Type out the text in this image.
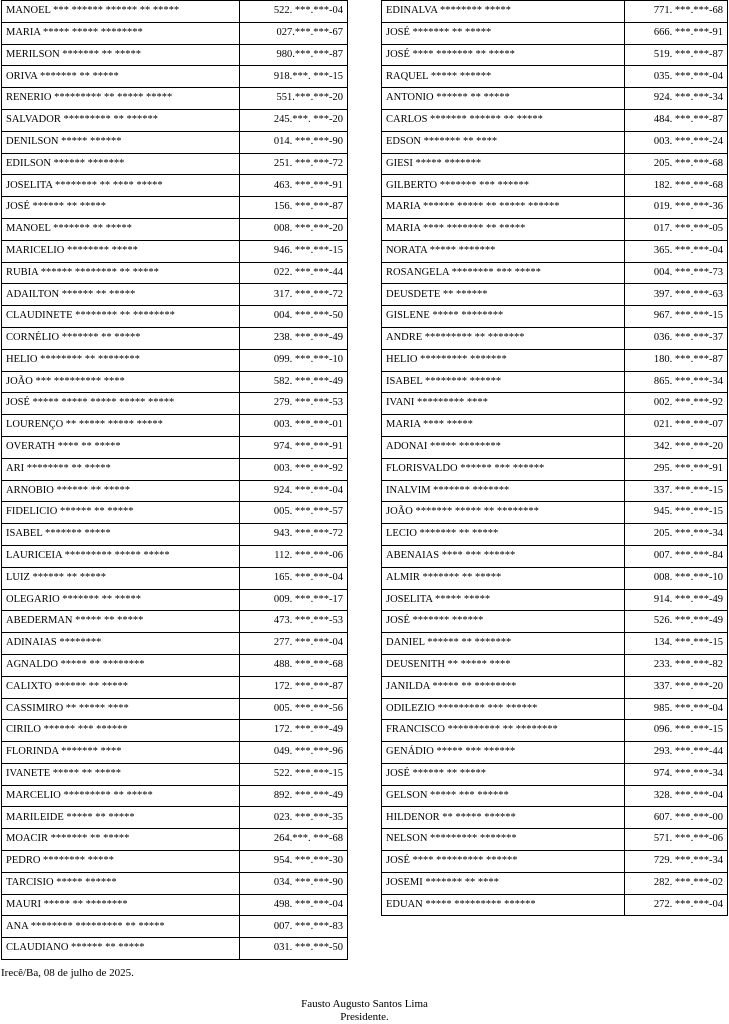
MANOEL *** ****** ****** ** *****	522. ***.***-04
MARIA ***** ***** ********	027.***.***-67
MERILSON ******* ** *****	980.***.***-87
ORIVA ******* ** *****	918.***. ***-15
RENERIO ********* ** ***** *****	551.***.***-20
SALVADOR ********* ** ******	245.***. ***-20
DENILSON ***** ******	014. ***.***-90
EDILSON ****** *******	251. ***.***-72
JOSELITA ******** ** **** *****	463. ***.***-91
JOSÉ ****** ** *****	156. ***.***-87
MANOEL ******* ** *****	008. ***.***-20
MARICELIO ******** *****	946. ***.***-15
RUBIA ****** ******** ** *****	022. ***.***-44
ADAILTON ****** ** *****	317. ***.***-72
CLAUDINETE ******** ** ********	004. ***.***-50
CORNÉLIO ******* ** *****	238. ***.***-49
HELIO ******** ** ********	099. ***.***-10
JOÃO *** ********* ****	582. ***.***-49
JOSÉ ***** ***** ***** ***** *****	279. ***.***-53
LOURENÇO ** ***** ***** *****	003. ***.***-01
OVERATH **** ** *****	974. ***.***-91
ARI ******** ** *****	003. ***.***-92
ARNOBIO ****** ** *****	924. ***.***-04
FIDELICIO ****** ** *****	005. ***.***-57
ISABEL ******* *****	943. ***.***-72
LAURICEIA ********* ***** *****	112. ***.***-06
LUIZ ****** ** *****	165. ***.***-04
OLEGARIO ******* ** *****	009. ***.***-17
ABEDERMAN ***** ** *****	473. ***.***-53
ADINAIAS ********	277. ***.***-04
AGNALDO ***** ** ********	488. ***.***-68
CALIXTO ****** ** *****	172. ***.***-87
CASSIMIRO ** ***** ****	005. ***.***-56
CIRILO ****** *** ******	172. ***.***-49
FLORINDA ******* ****	049. ***.***-96
IVANETE ***** ** *****	522. ***.***-15
MARCELIO ********* ** *****	892. ***.***-49
MARILEIDE ***** ** *****	023. ***.***-35
MOACIR ******* ** *****	264.***. ***-68
PEDRO ******** *****	954. ***.***-30
TARCISIO ***** ******	034. ***.***-90
MAURI ***** ** ********	498. ***.***-04
ANA ******** ********* ** *****	007. ***.***-83
CLAUDIANO ****** ** *****	031. ***.***-50
EDINALVA ******** *****	771. ***.***-68
JOSÉ ******* ** *****	666. ***.***-91
JOSÉ **** ******* ** *****	519. ***.***-87
RAQUEL ***** ******	035. ***.***-04
ANTONIO ****** ** *****	924. ***.***-34
CARLOS ******* ****** ** *****	484. ***.***-87
EDSON ******* ** ****	003. ***.***-24
GIESI ***** *******	205. ***.***-68
GILBERTO ******* *** ******	182. ***.***-68
MARIA ****** ***** ** ***** ******	019. ***.***-36
MARIA **** ******* ** *****	017. ***.***-05
NORATA ***** *******	365. ***.***-04
ROSANGELA ******** *** *****	004. ***.***-73
DEUSDETE ** ******	397. ***.***-63
GISLENE ***** ********	967. ***.***-15
ANDRE ********* ** *******	036. ***.***-37
HELIO ********* *******	180. ***.***-87
ISABEL ******** ******	865. ***.***-34
IVANI ********* ****	002. ***.***-92
MARIA **** *****	021. ***.***-07
ADONAI ***** ********	342. ***.***-20
FLORISVALDO ****** *** ******	295. ***.***-91
INALVIM ******* *******	337. ***.***-15
JOÃO ******* ***** ** ********	945. ***.***-15
LECIO ******* ** *****	205. ***.***-34
ABENAIAS **** *** ******	007. ***.***-84
ALMIR ******* ** *****	008. ***.***-10
JOSELITA ***** *****	914. ***.***-49
JOSÉ ******* ******	526. ***.***-49
DANIEL ****** ** *******	134. ***.***-15
DEUSENITH ** ***** ****	233. ***.***-82
JANILDA ***** ** ********	337. ***.***-20
ODILEZIO ********* *** ******	985. ***.***-04
FRANCISCO ********** ** ********	096. ***.***-15
GENÁDIO ***** *** ******	293. ***.***-44
JOSÉ ****** ** *****	974. ***.***-34
GELSON ***** *** ******	328. ***.***-04
HILDENOR ** ***** ******	607. ***.***-00
NELSON ********* *******	571. ***.***-06
JOSÉ **** ********* ******	729. ***.***-34
JOSEMI ******* ** ****	282. ***.***-02
EDUAN ***** ********* ******	272. ***.***-04
Irecê/Ba, 08 de julho de 2025.
Fausto Augusto Santos Lima
Presidente.
